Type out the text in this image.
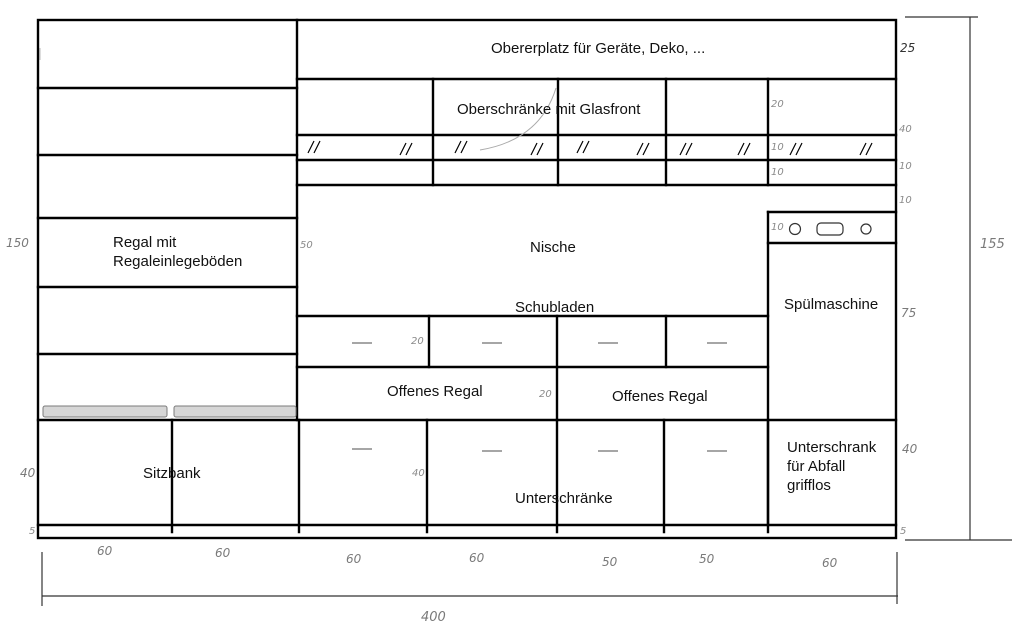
Obererplatz für Geräte, Deko, ...
Oberschränke mit Glasfront
Regal mit
Regaleinlegeböden
Nische
Schubladen	Spülmaschine
Offenes Regal	Offenes Regal
Sitzbank
Unterschränke
Unterschrank
für Abfall
grifflos
60	60	60	60	50	50	60
400
155
150
40
25
40
10
10
75
40
5
5
50
20
20
40
20
10
10
10
